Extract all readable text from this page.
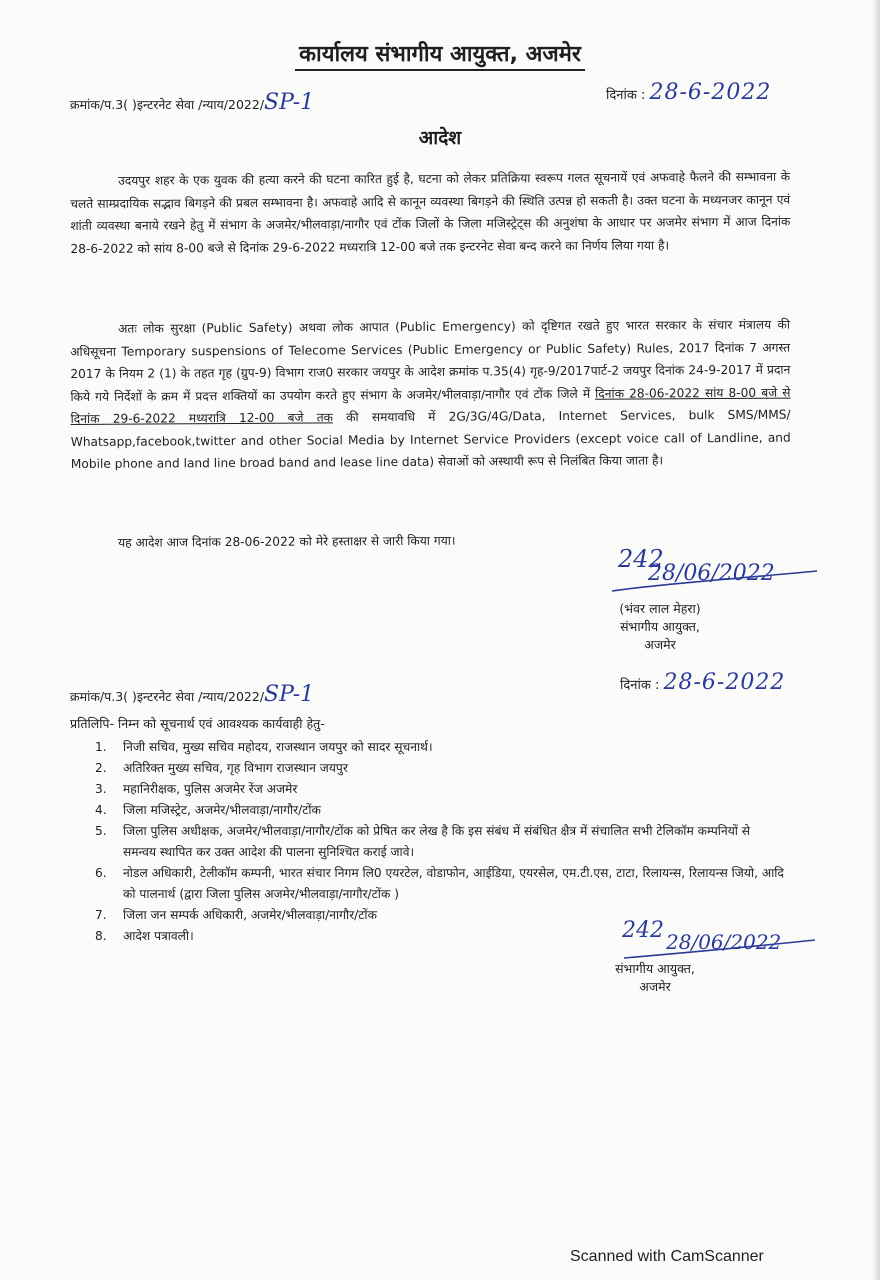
कार्यालय संभागीय आयुक्त, अजमेर
क्रमांक/प.3( )इन्टरनेट सेवा /न्याय/2022/SP-1	दिनांक : 28-6-2022
आदेश

उदयपुर शहर के एक युवक की हत्या करने की घटना कारित हुई है, घटना को लेकर प्रतिक्रिया स्वरूप गलत सूचनायें एवं अफवाहे फैलने की सम्भावना के चलते साम्प्रदायिक सद्भाव बिगड़ने की प्रबल सम्भावना है। अफवाहे आदि से कानून व्यवस्था बिगड़ने की स्थिति उत्पन्न हो सकती है। उक्त घटना के मध्यनजर कानून एवं शांती व्यवस्था बनाये रखने हेतु में संभाग के अजमेर/भीलवाड़ा/नागौर एवं टोंक जिलों के जिला मजिस्ट्रेट्स की अनुशंषा के आधार पर अजमेर संभाग में आज दिनांक 28-6-2022 को सांय 8-00 बजे से दिनांक 29-6-2022 मध्यरात्रि 12-00 बजे तक इन्टरनेट सेवा बन्द करने का निर्णय लिया गया है।

अतः लोक सुरक्षा (Public Safety) अथवा लोक आपात (Public Emergency) को दृष्टिगत रखते हुए भारत सरकार के संचार मंत्रालय की अधिसूचना Temporary suspensions of Telecome Services (Public Emergency or Public Safety) Rules, 2017 दिनांक 7 अगस्त 2017 के नियम 2 (1) के तहत गृह (ग्रुप-9) विभाग राज0 सरकार जयपुर के आदेश क्रमांक प.35(4) गृह-9/2017पार्ट-2 जयपुर दिनांक 24-9-2017 में प्रदान किये गये निर्देशों के क्रम में प्रदत्त शक्तियों का उपयोग करते हुए संभाग के अजमेर/भीलवाड़ा/नागौर एवं टोंक जिले में दिनांक 28-06-2022 सांय 8-00 बजे से दिनांक 29-6-2022 मध्यरात्रि 12-00 बजे तक की समयावधि में 2G/3G/4G/Data, Internet Services, bulk SMS/MMS/ Whatsapp,facebook,twitter and other Social Media by Internet Service Providers (except voice call of Landline, and Mobile phone and land line broad band and lease line data) सेवाओं को अस्थायी रूप से निलंबित किया जाता है।

यह आदेश आज दिनांक 28-06-2022 को मेरे हस्ताक्षर से जारी किया गया।

242
28/06/2022
(भंवर लाल मेहरा)
संभागीय आयुक्त,
अजमेर
क्रमांक/प.3( )इन्टरनेट सेवा /न्याय/2022/SP-1	दिनांक : 28-6-2022
प्रतिलिपि- निम्न को सूचनार्थ एवं आवश्यक कार्यवाही हेतु-
1.	निजी सचिव, मुख्य सचिव महोदय, राजस्थान जयपुर को सादर सूचनार्थ।
2.	अतिरिक्त मुख्य सचिव, गृह विभाग राजस्थान जयपुर
3.	महानिरीक्षक, पुलिस अजमेर रेंज अजमेर
4.	जिला मजिस्ट्रेट, अजमेर/भीलवाड़ा/नागौर/टोंक
5.	जिला पुलिस अधीक्षक, अजमेर/भीलवाड़ा/नागौर/टोंक को प्रेषित कर लेख है कि इस संबंध में संबंधित क्षैत्र में संचालित सभी टेलिकॉम कम्पनियों से समन्वय स्थापित कर उक्त आदेश की पालना सुनिश्चित कराई जावे।
6.	नोडल अधिकारी, टेलीकॉम कम्पनी, भारत संचार निगम लि0 एयरटेल, वोडाफोन, आईडिया, एयरसेल, एम.टी.एस, टाटा, रिलायन्स, रिलायन्स जियो, आदि को पालनार्थ (द्वारा जिला पुलिस अजमेर/भीलवाड़ा/नागौर/टोंक )
7.	जिला जन सम्पर्क अधिकारी, अजमेर/भीलवाड़ा/नागौर/टोंक
8.	आदेश पत्रावली।	242 28/06/2022
संभागीय आयुक्त,
अजमेर
Scanned with CamScanner
